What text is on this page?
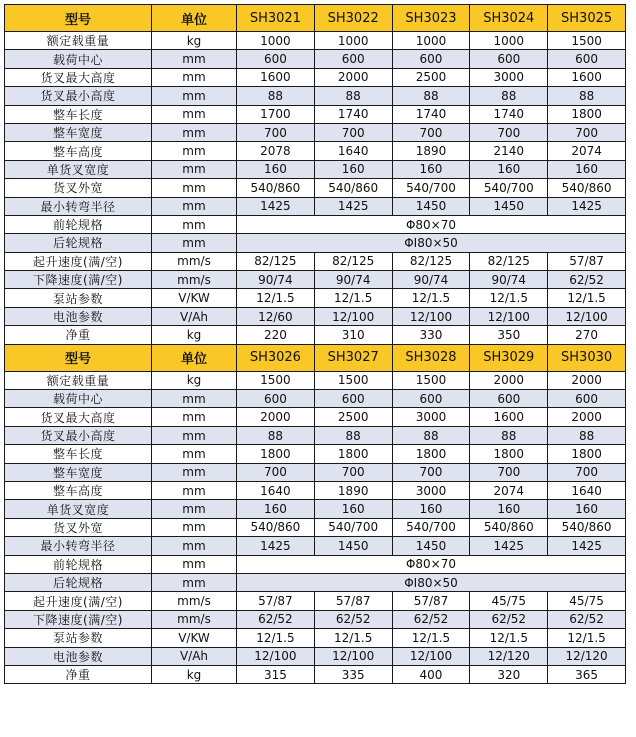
型号	单位	SH3021	SH3022	SH3023	SH3024	SH3025
额定载重量	kg	1000	1000	1000	1000	1500
载荷中心	mm	600	600	600	600	600
货叉最大高度	mm	1600	2000	2500	3000	1600
货叉最小高度	mm	88	88	88	88	88
整车长度	mm	1700	1740	1740	1740	1800
整车宽度	mm	700	700	700	700	700
整车高度	mm	2078	1640	1890	2140	2074
单货叉宽度	mm	160	160	160	160	160
货叉外宽	mm	540/860	540/860	540/700	540/700	540/860
最小转弯半径	mm	1425	1425	1450	1450	1425
前轮规格	mm	Φ80×70				
后轮规格	mm	ΦI80×50				
起升速度(满/空)	mm/s	82/125	82/125	82/125	82/125	57/87
下降速度(满/空)	mm/s	90/74	90/74	90/74	90/74	62/52
泵站参数	V/KW	12/1.5	12/1.5	12/1.5	12/1.5	12/1.5
电池参数	V/Ah	12/60	12/100	12/100	12/100	12/100
净重	kg	220	310	330	350	270
型号	单位	SH3026	SH3027	SH3028	SH3029	SH3030
额定载重量	kg	1500	1500	1500	2000	2000
载荷中心	mm	600	600	600	600	600
货叉最大高度	mm	2000	2500	3000	1600	2000
货叉最小高度	mm	88	88	88	88	88
整车长度	mm	1800	1800	1800	1800	1800
整车宽度	mm	700	700	700	700	700
整车高度	mm	1640	1890	3000	2074	1640
单货叉宽度	mm	160	160	160	160	160
货叉外宽	mm	540/860	540/700	540/700	540/860	540/860
最小转弯半径	mm	1425	1450	1450	1425	1425
前轮规格	mm	Φ80×70				
后轮规格	mm	ΦI80×50				
起升速度(满/空)	mm/s	57/87	57/87	57/87	45/75	45/75
下降速度(满/空)	mm/s	62/52	62/52	62/52	62/52	62/52
泵站参数	V/KW	12/1.5	12/1.5	12/1.5	12/1.5	12/1.5
电池参数	V/Ah	12/100	12/100	12/100	12/120	12/120
净重	kg	315	335	400	320	365
